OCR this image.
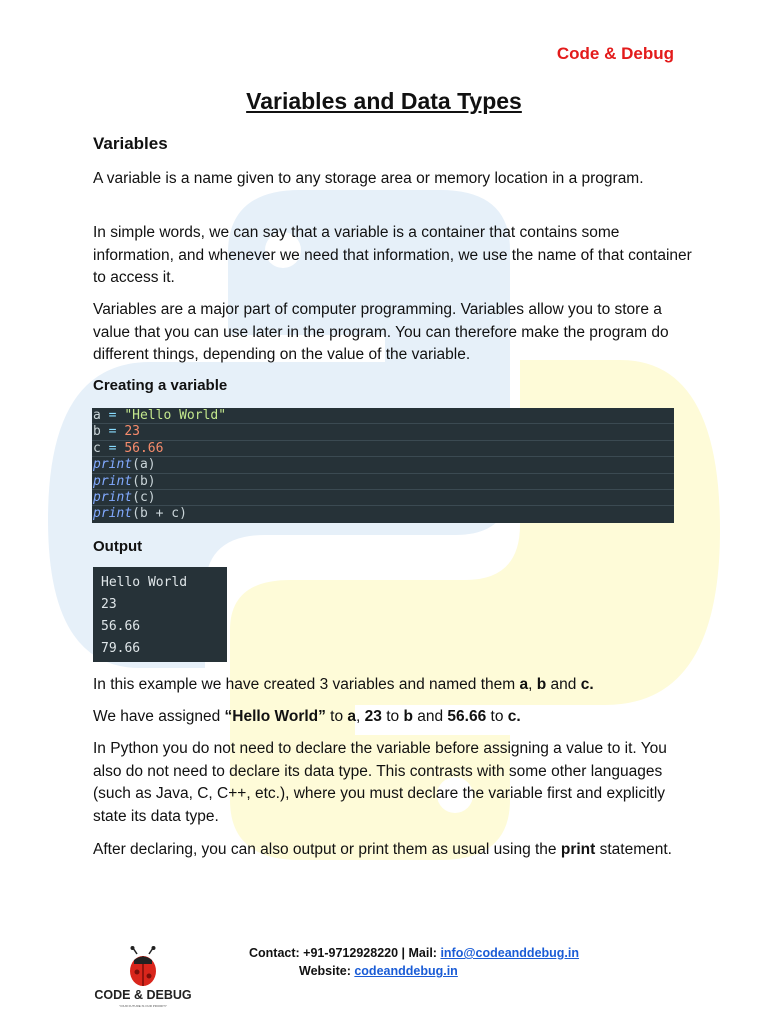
Code & Debug
Variables and Data Types
Variables

A variable is a name given to any storage area or memory location in a program.

In simple words, we can say that a variable is a container that contains some information, and whenever we need that information, we use the name of that container to access it.

Variables are a major part of computer programming. Variables allow you to store a value that you can use later in the program. You can therefore make the program do different things, depending on the value of the variable.

Creating a variable
a = "Hello World"
b = 23
c = 56.66
print(a)
print(b)
print(c)
print(b + c)
Output
Hello World
23
56.66
79.66

In this example we have created 3 variables and named them a, b and c.

We have assigned “Hello World” to a, 23 to b and 56.66 to c.

In Python you do not need to declare the variable before assigning a value to it. You also do not need to declare its data type. This contrasts with some other languages (such as Java, C, C++, etc.), where you must declare the variable first and explicitly state its data type.

After declaring, you can also output or print them as usual using the print statement.

CODE & DEBUG
YOUR FUTURE IS OUR PRIORITY
Contact: +91-9712928220 | Mail: info@codeanddebug.in
Website: codeanddebug.in
